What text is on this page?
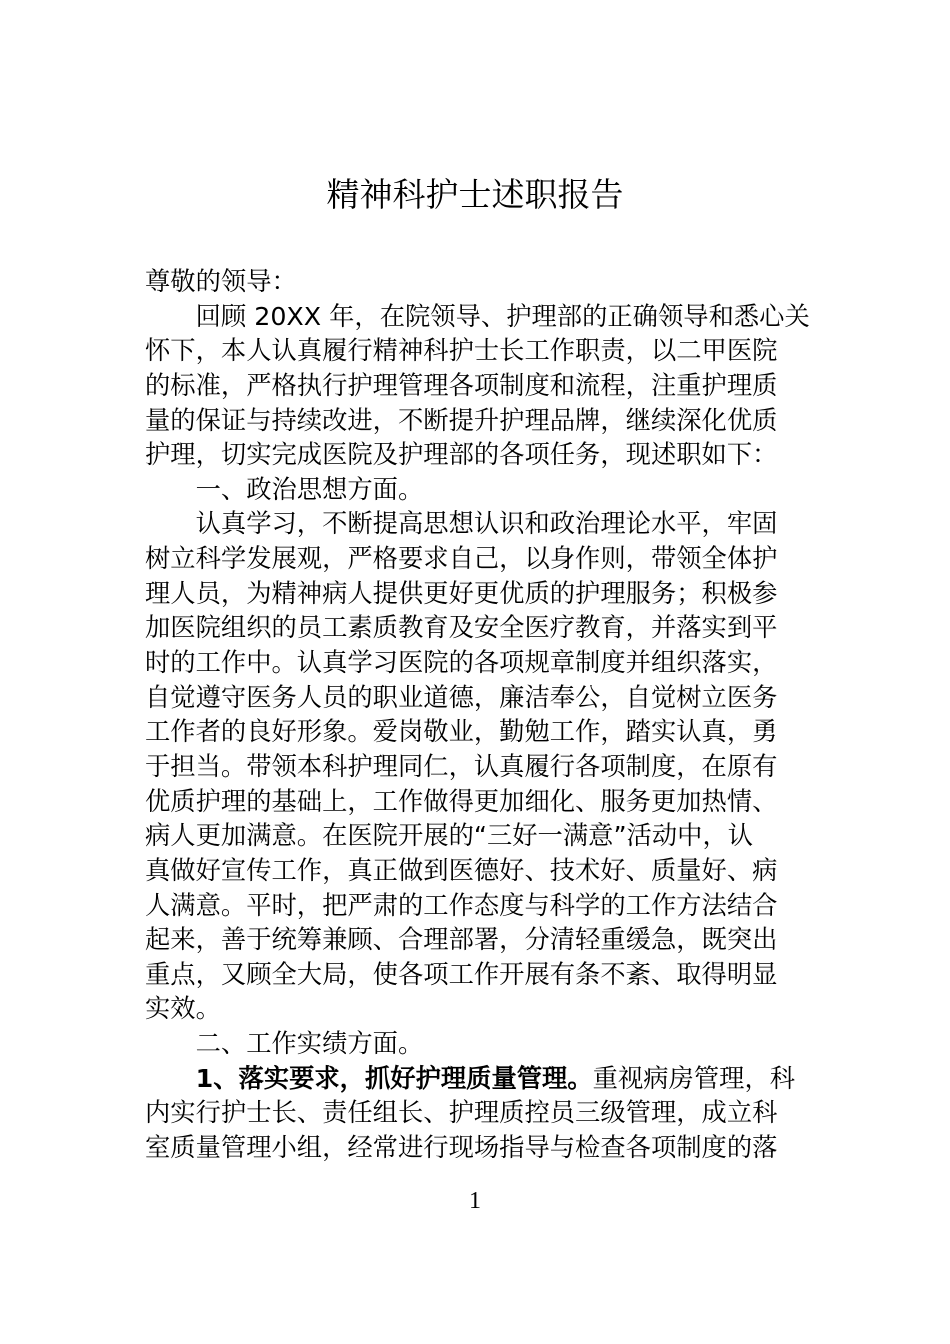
精神科护士述职报告
尊敬的领导：
回顾 20XX 年，在院领导、护理部的正确领导和悉心关
怀下，本人认真履行精神科护士长工作职责，以二甲医院
的标准，严格执行护理管理各项制度和流程，注重护理质
量的保证与持续改进，不断提升护理品牌，继续深化优质
护理，切实完成医院及护理部的各项任务，现述职如下：
一、政治思想方面。
认真学习，不断提高思想认识和政治理论水平，牢固
树立科学发展观，严格要求自己，以身作则，带领全体护
理人员，为精神病人提供更好更优质的护理服务；积极参
加医院组织的员工素质教育及安全医疗教育，并落实到平
时的工作中。认真学习医院的各项规章制度并组织落实，
自觉遵守医务人员的职业道德，廉洁奉公，自觉树立医务
工作者的良好形象。爱岗敬业，勤勉工作，踏实认真，勇
于担当。带领本科护理同仁，认真履行各项制度，在原有
优质护理的基础上，工作做得更加细化、服务更加热情、
病人更加满意。在医院开展的“三好一满意”活动中，认
真做好宣传工作，真正做到医德好、技术好、质量好、病
人满意。平时，把严肃的工作态度与科学的工作方法结合
起来，善于统筹兼顾、合理部署，分清轻重缓急，既突出
重点，又顾全大局，使各项工作开展有条不紊、取得明显
实效。
二、工作实绩方面。
1、落实要求，抓好护理质量管理。重视病房管理，科
内实行护士长、责任组长、护理质控员三级管理，成立科
室质量管理小组，经常进行现场指导与检查各项制度的落
1
